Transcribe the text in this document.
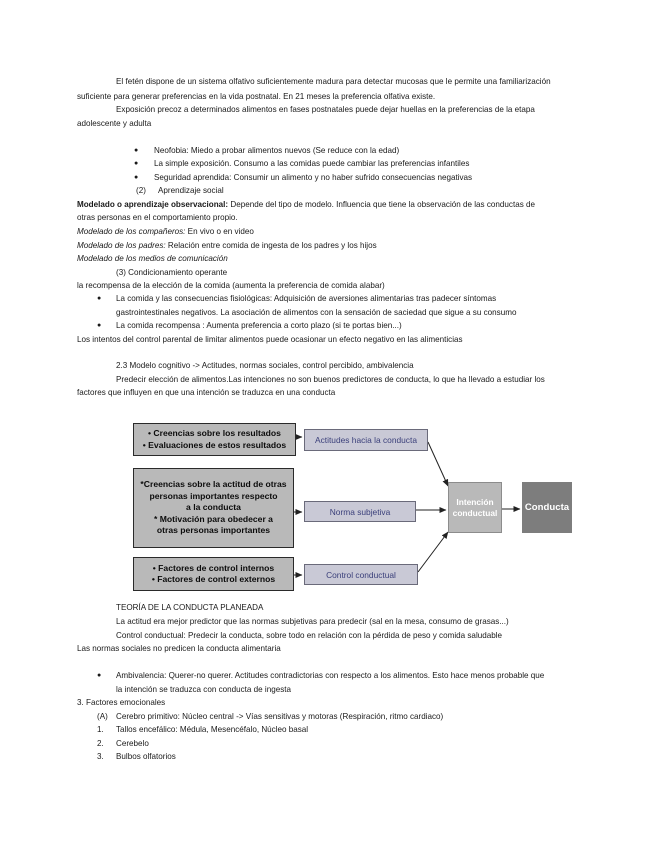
El fetén dispone de un sistema olfativo suficientemente madura para detectar mucosas que le permite una familiarización
suficiente para generar preferencias en la vida postnatal. En 21 meses la preferencia olfativa existe.
Exposición precoz a determinados alimentos en fases postnatales puede dejar huellas en la preferencias de la etapa
adolescente y adulta
● Neofobia: Miedo a probar alimentos nuevos (Se reduce con la edad)
● La simple exposición. Consumo a las comidas puede cambiar las preferencias infantiles
● Seguridad aprendida: Consumir un alimento y no haber sufrido consecuencias negativas
(2) Aprendizaje social
Modelado o aprendizaje observacional: Depende del tipo de modelo. Influencia que tiene la observación de las conductas de
otras personas en el comportamiento propio.
Modelado de los compañeros: En vivo o en video
Modelado de los padres: Relación entre comida de ingesta de los padres y los hijos
Modelado de los medios de comunicación
(3) Condicionamiento operante
la recompensa de la elección de la comida (aumenta la preferencia de comida alabar)
● La comida y las consecuencias fisiológicas: Adquisición de aversiones alimentarias tras padecer síntomas
gastrointestinales negativos. La asociación de alimentos con la sensación de saciedad que sigue a su consumo
● La comida recompensa : Aumenta preferencia a corto plazo (si te portas bien...)
Los intentos del control parental de limitar alimentos puede ocasionar un efecto negativo en las alimenticias
2.3 Modelo cognitivo -> Actitudes, normas sociales, control percibido, ambivalencia
Predecir elección de alimentos.Las intenciones no son buenos predictores de conducta, lo que ha llevado a estudiar los
factores que influyen en que una intención se traduzca en una conducta
• Creencias sobre los resultados
• Evaluaciones de estos resultados
*Creencias sobre la actitud de otras
personas importantes respecto
a la conducta
* Motivación para obedecer a
otras personas importantes
• Factores de control internos
• Factores de control externos
Actitudes hacia la conducta
Norma subjetiva
Control conductual
Intención
conductual	Conducta
TEORÍA DE LA CONDUCTA PLANEADA
La actitud era mejor predictor que las normas subjetivas para predecir (sal en la mesa, consumo de grasas...)
Control conductual: Predecir la conducta, sobre todo en relación con la pérdida de peso y comida saludable
Las normas sociales no predicen la conducta alimentaria
● Ambivalencia: Querer-no querer. Actitudes contradictorias con respecto a los alimentos. Esto hace menos probable que
la intención se traduzca con conducta de ingesta
3. Factores emocionales
(A) Cerebro primitivo: Núcleo central -> Vías sensitivas y motoras (Respiración, ritmo cardiaco)
1. Tallos encefálico: Médula, Mesencéfalo, Núcleo basal
2. Cerebelo
3. Bulbos olfatorios
